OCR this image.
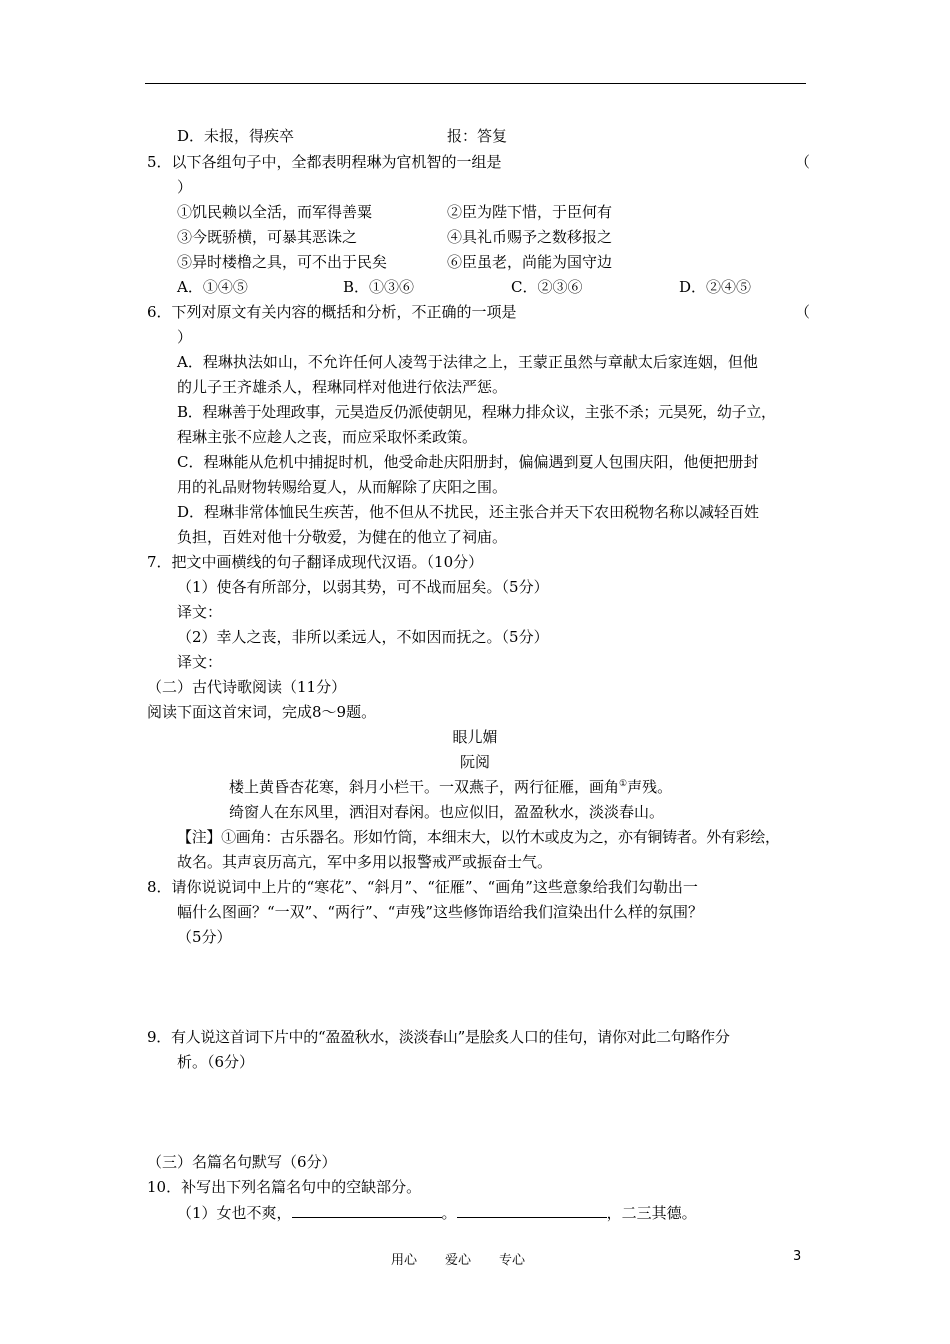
D．未报，得疾卒	报：答复
5．以下各组句子中，全都表明程琳为官机智的一组是	（
）
①饥民赖以全活，而军得善粟	②臣为陛下惜，于臣何有
③今既骄横，可暴其恶诛之	④具礼币赐予之数移报之
⑤异时楼橹之具，可不出于民矣	⑥臣虽老，尚能为国守边
A．①④⑤	B．①③⑥	C．②③⑥	D．②④⑤
6．下列对原文有关内容的概括和分析，不正确的一项是	（
）
A．程琳执法如山，不允许任何人凌驾于法律之上，王蒙正虽然与章献太后家连姻，但他
的儿子王齐雄杀人，程琳同样对他进行依法严惩。
B．程琳善于处理政事，元昊造反仍派使朝见，程琳力排众议，主张不杀；元昊死，幼子立，
程琳主张不应趁人之丧，而应采取怀柔政策。
C．程琳能从危机中捕捉时机，他受命赴庆阳册封，偏偏遇到夏人包围庆阳，他便把册封
用的礼品财物转赐给夏人，从而解除了庆阳之围。
D．程琳非常体恤民生疾苦，他不但从不扰民，还主张合并天下农田税物名称以减轻百姓
负担，百姓对他十分敬爱，为健在的他立了祠庙。
7．把文中画横线的句子翻译成现代汉语。（10分）
（1）使各有所部分，以弱其势，可不战而屈矣。（5分）
译文：
（2）幸人之丧，非所以柔远人，不如因而抚之。（5分）
译文：
（二）古代诗歌阅读（11分）
阅读下面这首宋词，完成8～9题。
眼儿媚
阮阅
楼上黄昏杏花寒，斜月小栏干。一双燕子，两行征雁，画角①声残。
绮窗人在东风里，洒泪对春闲。也应似旧，盈盈秋水，淡淡春山。
【注】①画角：古乐器名。形如竹筒，本细末大，以竹木或皮为之，亦有铜铸者。外有彩绘，
故名。其声哀历高亢，军中多用以报警戒严或振奋士气。
8．请你说说词中上片的“寒花”、“斜月”、“征雁”、“画角”这些意象给我们勾勒出一
幅什么图画？“一双”、“两行”、“声残”这些修饰语给我们渲染出什么样的氛围？
（5分）
9．有人说这首词下片中的“盈盈秋水，淡淡春山”是脍炙人口的佳句，请你对此二句略作分
析。（6分）
（三）名篇名句默写（6分）
10．补写出下列名篇名句中的空缺部分。
（1）女也不爽，	。	，二三其德。
用心 爱心 专心	3
